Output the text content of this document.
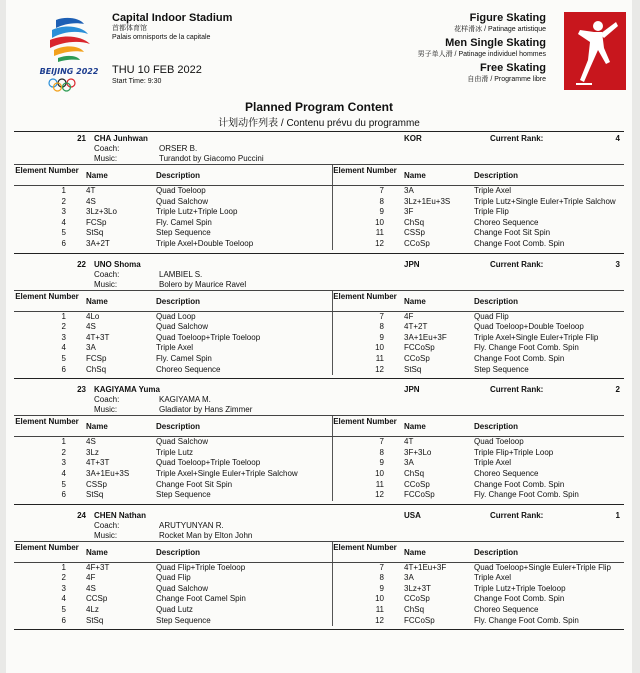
BEIJING 2022
Capital Indoor Stadium
首都体育馆
Palais omnisports de la capitale
THU 10 FEB 2022
Start Time: 9:30
Figure Skating
花样滑冰 / Patinage artistique
Men Single Skating
男子单人滑 / Patinage individuel hommes
Free Skating
自由滑 / Programme libre
Planned Program Content
计划动作列表 / Contenu prévu du programme
21 CHA Junhwan	KOR	Current Rank:	4
Coach:	ORSER B.
Music:	Turandot by Giacomo Puccini
Element Number
Name	Description
Element Number
Name	Description
1	4T	Quad Toeloop	7	3A	Triple Axel
2	4S	Quad Salchow	8	3Lz+1Eu+3S	Triple Lutz+Single Euler+Triple Salchow
3	3Lz+3Lo	Triple Lutz+Triple Loop	9	3F	Triple Flip
4	FCSp	Fly. Camel Spin	10	ChSq	Choreo Sequence
5	StSq	Step Sequence	11	CSSp	Change Foot Sit Spin
6	3A+2T	Triple Axel+Double Toeloop	12	CCoSp	Change Foot Comb. Spin
22 UNO Shoma	JPN	Current Rank:	3
Coach:	LAMBIEL S.
Music:	Bolero by Maurice Ravel
Element Number
Name	Description
Element Number
Name	Description
1	4Lo	Quad Loop	7	4F	Quad Flip
2	4S	Quad Salchow	8	4T+2T	Quad Toeloop+Double Toeloop
3	4T+3T	Quad Toeloop+Triple Toeloop	9	3A+1Eu+3F	Triple Axel+Single Euler+Triple Flip
4	3A	Triple Axel	10	FCCoSp	Fly. Change Foot Comb. Spin
5	FCSp	Fly. Camel Spin	11	CCoSp	Change Foot Comb. Spin
6	ChSq	Choreo Sequence	12	StSq	Step Sequence
23 KAGIYAMA Yuma	JPN	Current Rank:	2
Coach:	KAGIYAMA M.
Music:	Gladiator by Hans Zimmer
Element Number
Name	Description
Element Number
Name	Description
1	4S	Quad Salchow	7	4T	Quad Toeloop
2	3Lz	Triple Lutz	8	3F+3Lo	Triple Flip+Triple Loop
3	4T+3T	Quad Toeloop+Triple Toeloop	9	3A	Triple Axel
4	3A+1Eu+3S	Triple Axel+Single Euler+Triple Salchow	10	ChSq	Choreo Sequence
5	CSSp	Change Foot Sit Spin	11	CCoSp	Change Foot Comb. Spin
6	StSq	Step Sequence	12	FCCoSp	Fly. Change Foot Comb. Spin
24 CHEN Nathan	USA	Current Rank:	1
Coach:	ARUTYUNYAN R.
Music:	Rocket Man by Elton John
Element Number
Name	Description
Element Number
Name	Description
1	4F+3T	Quad Flip+Triple Toeloop	7	4T+1Eu+3F	Quad Toeloop+Single Euler+Triple Flip
2	4F	Quad Flip	8	3A	Triple Axel
3	4S	Quad Salchow	9	3Lz+3T	Triple Lutz+Triple Toeloop
4	CCSp	Change Foot Camel Spin	10	CCoSp	Change Foot Comb. Spin
5	4Lz	Quad Lutz	11	ChSq	Choreo Sequence
6	StSq	Step Sequence	12	FCCoSp	Fly. Change Foot Comb. Spin
